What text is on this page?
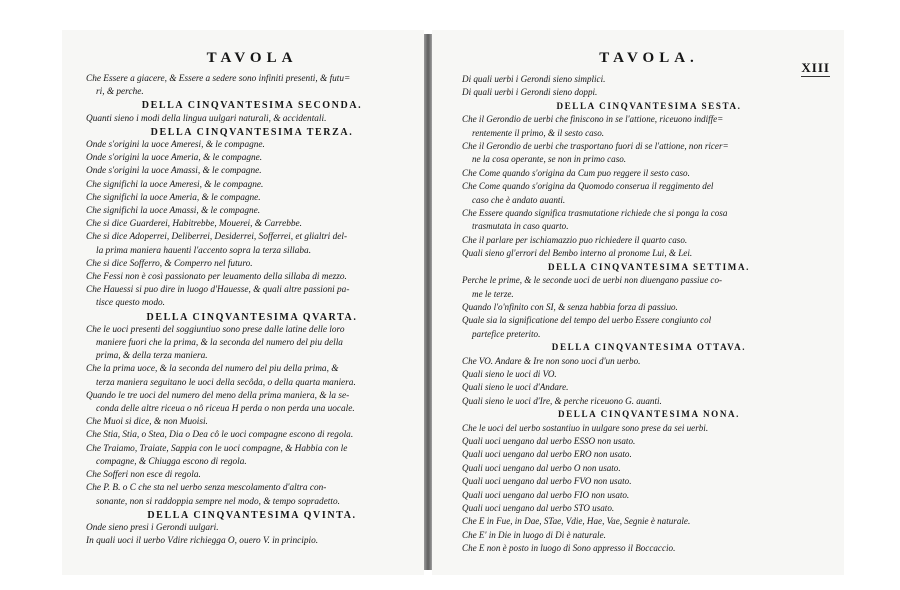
TAVOLA
Che Essere a giacere, & Essere a sedere sono infiniti presenti, & futu=
ri, & perche.
DELLA CINQVANTESIMA SECONDA.
Quanti sieno i modi della lingua uulgari naturali, & accidentali.
DELLA CINQVANTESIMA TERZA.
Onde s'origini la uoce Ameresi, & le compagne.
Onde s'origini la uoce Ameria, & le compagne.
Onde s'origini la uoce Amassi, & le compagne.
Che significhi la uoce Ameresi, & le compagne.
Che significhi la uoce Ameria, & le compagne.
Che significhi la uoce Amassi, & le compagne.
Che si dice Guarderei, Habitrebbe, Mouerei, & Carrebbe.
Che si dice Adoperrei, Deliberrei, Desiderrei, Sofferrei, et glialtri del-
la prima maniera hauenti l'accento sopra la terza sillaba.
Che si dice Sofferro, & Comperro nel futuro.
Che Fessi non è così passionato per leuamento della sillaba di mezzo.
Che Hauessi si puo dire in luogo d'Hauesse, & quali altre passioni pa-
tisce questo modo.
DELLA CINQVANTESIMA QVARTA.
Che le uoci presenti del soggiuntiuo sono prese dalle latine delle loro
maniere fuori che la prima, & la seconda del numero del piu della
prima, & della terza maniera.
Che la prima uoce, & la seconda del numero del piu della prima, &
terza maniera seguitano le uoci della secôda, o della quarta maniera.
Quando le tre uoci del numero del meno della prima maniera, & la se-
conda delle altre riceua o nô riceua H perda o non perda una uocale.
Che Muoi si dice, & non Muoisi.
Che Stia, Stia, o Stea, Dia o Dea cô le uoci compagne escono di regola.
Che Traiamo, Traiate, Sappia con le uoci compagne, & Habbia con le
compagne, & Chiugga escono di regola.
Che Sofferi non esce di regola.
Che P. B. o C che sta nel uerbo senza mescolamento d'altra con-
sonante, non si raddoppia sempre nel modo, & tempo sopradetto.
DELLA CINQVANTESIMA QVINTA.
Onde sieno presi i Gerondi uulgari.
In quali uoci il uerbo Vdire richiegga O, ouero V. in principio.
TAVOLA.
XIII
Di quali uerbi i Gerondi sieno simplici.
Di quali uerbi i Gerondi sieno doppi.
DELLA CINQVANTESIMA SESTA.
Che il Gerondio de uerbi che finiscono in se l'attione, riceuono indiffe=
rentemente il primo, & il sesto caso.
Che il Gerondio de uerbi che trasportano fuori di se l'attione, non ricer=
ne la cosa operante, se non in primo caso.
Che Come quando s'origina da Cum puo reggere il sesto caso.
Che Come quando s'origina da Quomodo conserua il reggimento del
caso che è andato auanti.
Che Essere quando significa trasmutatione richiede che si ponga la cosa
trasmutata in caso quarto.
Che il parlare per ischiamazzio puo richiedere il quarto caso.
Quali sieno gl'errori del Bembo interno al pronome Lui, & Lei.
DELLA CINQVANTESIMA SETTIMA.
Perche le prime, & le seconde uoci de uerbi non diuengano passiue co-
me le terze.
Quando l'o'nfinito con SI, & senza habbia forza di passiuo.
Quale sia la significatione del tempo del uerbo Essere congiunto col
partefice preterito.
DELLA CINQVANTESIMA OTTAVA.
Che VO. Andare & Ire non sono uoci d'un uerbo.
Quali sieno le uoci di VO.
Quali sieno le uoci d'Andare.
Quali sieno le uoci d'Ire, & perche riceuono G. auanti.
DELLA CINQVANTESIMA NONA.
Che le uoci del uerbo sostantiuo in uulgare sono prese da sei uerbi.
Quali uoci uengano dal uerbo ESSO non usato.
Quali uoci uengano dal uerbo ERO non usato.
Quali uoci uengano dal uerbo O non usato.
Quali uoci uengano dal uerbo FVO non usato.
Quali uoci uengano dal uerbo FIO non usato.
Quali uoci uengano dal uerbo STO usato.
Che E in Fue, in Dae, STae, Vdie, Hae, Vae, Segnie è naturale.
Che E' in Die in luogo di Di è naturale.
Che E non è posto in luogo di Sono appresso il Boccaccio.
